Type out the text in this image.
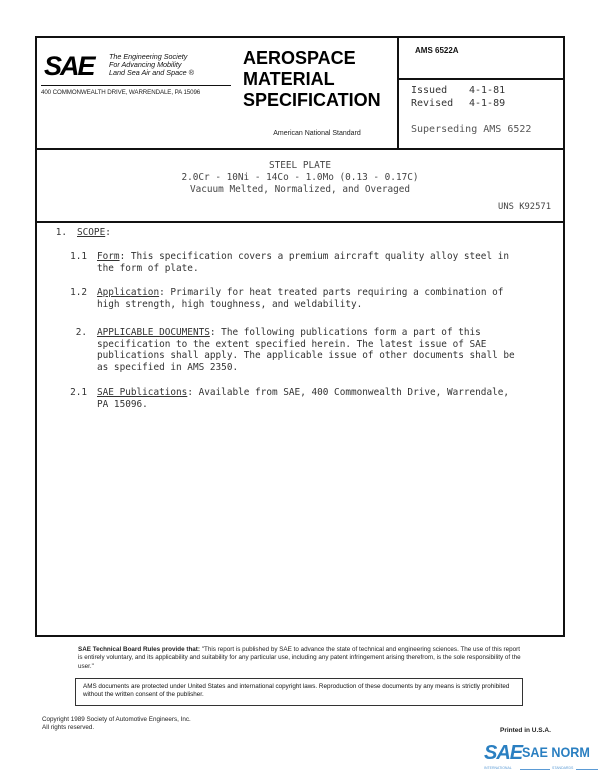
SAE	The Engineering Society
For Advancing Mobility
Land Sea Air and Space ®
400 COMMONWEALTH DRIVE, WARRENDALE, PA 15096
AEROSPACE
MATERIAL
SPECIFICATION
American National Standard
AMS 6522A
Issued 4-1-81
Revised 4-1-89
Superseding AMS 6522
STEEL PLATE
2.0Cr - 10Ni - 14Co - 1.0Mo (0.13 - 0.17C)
Vacuum Melted, Normalized, and Overaged
UNS K92571
1. SCOPE:
1.1 Form: This specification covers a premium aircraft quality alloy steel in
the form of plate.
1.2 Application: Primarily for heat treated parts requiring a combination of
high strength, high toughness, and weldability.
2. APPLICABLE DOCUMENTS: The following publications form a part of this
specification to the extent specified herein. The latest issue of SAE
publications shall apply. The applicable issue of other documents shall be
as specified in AMS 2350.
2.1 SAE Publications: Available from SAE, 400 Commonwealth Drive, Warrendale,
PA 15096.
SAE Technical Board Rules provide that: "This report is published by SAE to advance the state of technical and engineering sciences. The use of this report is entirely voluntary, and its applicability and suitability for any particular use, including any patent infringement arising therefrom, is the sole responsibility of the user."
AMS documents are protected under United States and international copyright laws. Reproduction of these documents by any means is strictly prohibited without the written consent of the publisher.
Copyright 1989 Society of Automotive Engineers, Inc.
All rights reserved.	Printed in U.S.A.
SAE SAE NORM
INTERNATIONAL	STANDARDS
